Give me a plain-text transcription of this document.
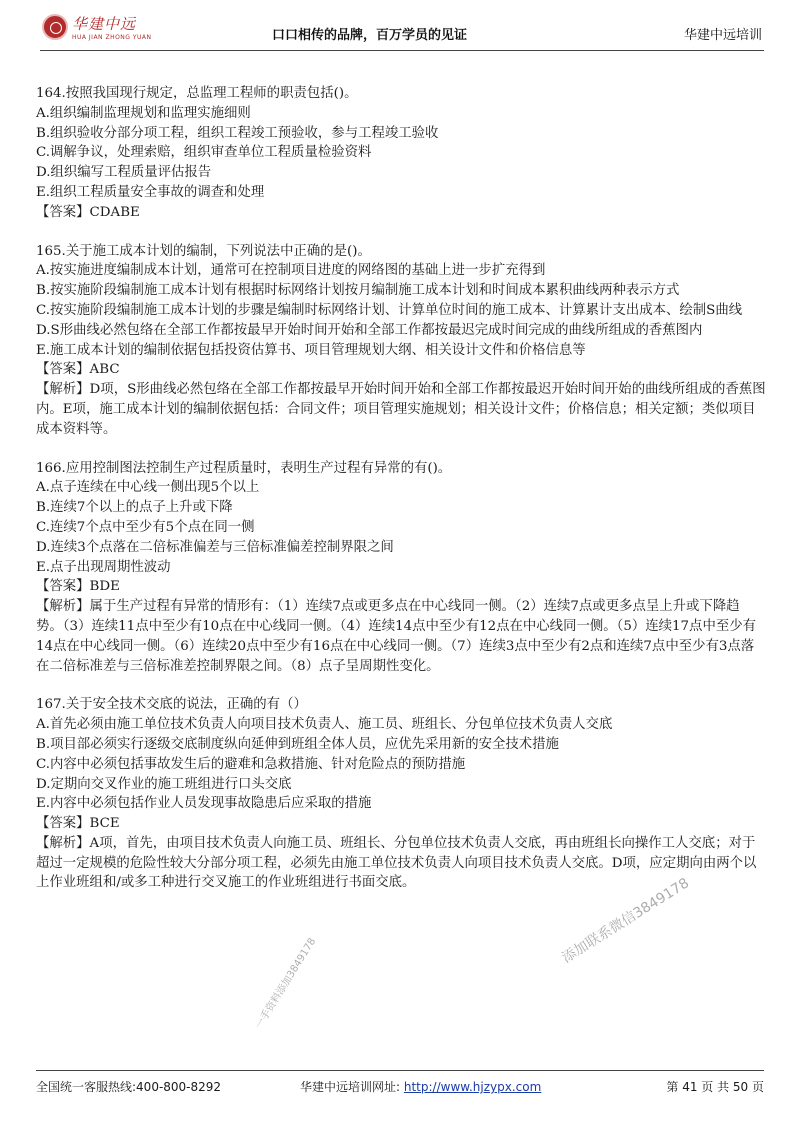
华建中远
HUA JIAN ZHONG YUAN	口口相传的品牌，百万学员的见证	华建中远培训
164.按照我国现行规定，总监理工程师的职责包括()。
A.组织编制监理规划和监理实施细则
B.组织验收分部分项工程，组织工程竣工预验收，参与工程竣工验收
C.调解争议，处理索赔，组织审查单位工程质量检验资料
D.组织编写工程质量评估报告
E.组织工程质量安全事故的调查和处理
【答案】CDABE
165.关于施工成本计划的编制，下列说法中正确的是()。
A.按实施进度编制成本计划，通常可在控制项目进度的网络图的基础上进一步扩充得到
B.按实施阶段编制施工成本计划有根据时标网络计划按月编制施工成本计划和时间成本累积曲线两种表示方式
C.按实施阶段编制施工成本计划的步骤是编制时标网络计划、计算单位时间的施工成本、计算累计支出成本、绘制S曲线
D.S形曲线必然包络在全部工作都按最早开始时间开始和全部工作都按最迟完成时间完成的曲线所组成的香蕉图内
E.施工成本计划的编制依据包括投资估算书、项目管理规划大纲、相关设计文件和价格信息等
【答案】ABC
【解析】D项，S形曲线必然包络在全部工作都按最早开始时间开始和全部工作都按最迟开始时间开始的曲线所组成的香蕉图内。E项，施工成本计划的编制依据包括：合同文件；项目管理实施规划；相关设计文件；价格信息；相关定额；类似项目成本资料等。
166.应用控制图法控制生产过程质量时，表明生产过程有异常的有()。
A.点子连续在中心线一侧出现5个以上
B.连续7个以上的点子上升或下降
C.连续7个点中至少有5个点在同一侧
D.连续3个点落在二倍标准偏差与三倍标准偏差控制界限之间
E.点子出现周期性波动
【答案】BDE
【解析】属于生产过程有异常的情形有：（1）连续7点或更多点在中心线同一侧。（2）连续7点或更多点呈上升或下降趋势。（3）连续11点中至少有10点在中心线同一侧。（4）连续14点中至少有12点在中心线同一侧。（5）连续17点中至少有14点在中心线同一侧。（6）连续20点中至少有16点在中心线同一侧。（7）连续3点中至少有2点和连续7点中至少有3点落在二倍标准差与三倍标准差控制界限之间。（8）点子呈周期性变化。
167.关于安全技术交底的说法，正确的有（）
A.首先必须由施工单位技术负责人向项目技术负责人、施工员、班组长、分包单位技术负责人交底
B.项目部必须实行逐级交底制度纵向延伸到班组全体人员，应优先采用新的安全技术措施
C.内容中必须包括事故发生后的避难和急救措施、针对危险点的预防措施
D.定期向交叉作业的施工班组进行口头交底
E.内容中必须包括作业人员发现事故隐患后应采取的措施
【答案】BCE
【解析】A项，首先，由项目技术负责人向施工员、班组长、分包单位技术负责人交底，再由班组长向操作工人交底；对于超过一定规模的危险性较大分部分项工程，必须先由施工单位技术负责人向项目技术负责人交底。D项，应定期向由两个以上作业班组和/或多工种进行交叉施工的作业班组进行书面交底。	添加联系微信3849178
一手资料添加3849178
全国统一客服热线:400-800-8292	华建中远培训网址: http://www.hjzypx.com	第 41 页 共 50 页
